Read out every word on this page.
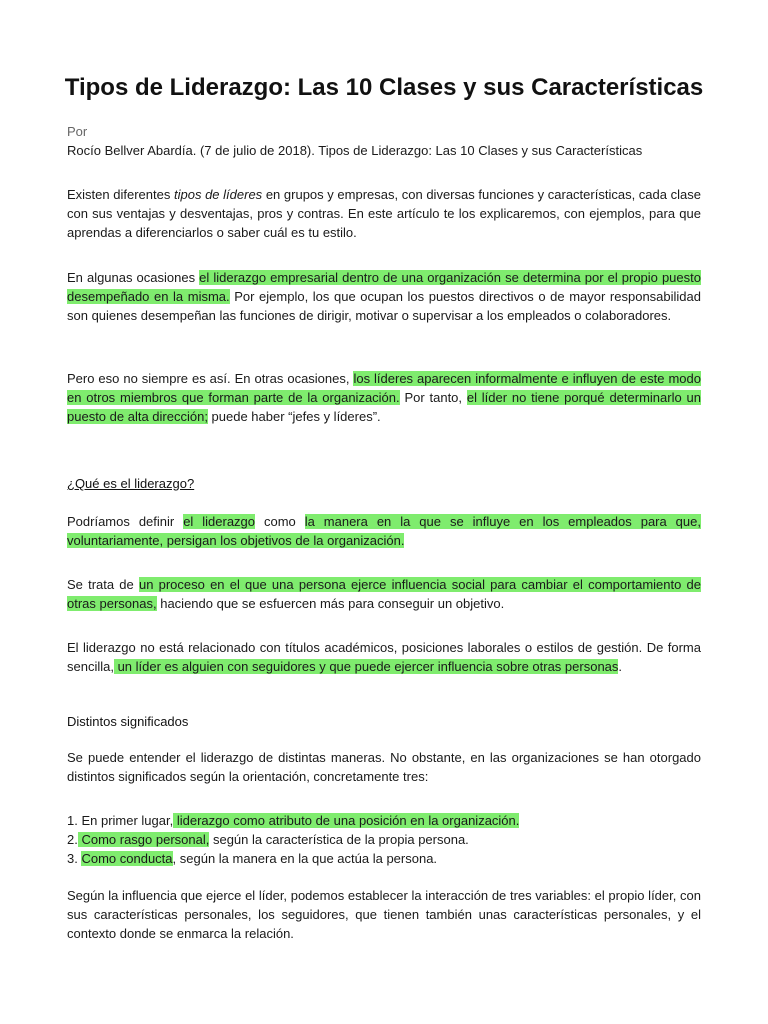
Tipos de Liderazgo: Las 10 Clases y sus Características
Por
Rocío Bellver Abardía. (7 de julio de 2018). Tipos de Liderazgo: Las 10 Clases y sus Características
Existen diferentes tipos de líderes en grupos y empresas, con diversas funciones y características, cada clase con sus ventajas y desventajas, pros y contras. En este artículo te los explicaremos, con ejemplos, para que aprendas a diferenciarlos o saber cuál es tu estilo.
En algunas ocasiones el liderazgo empresarial dentro de una organización se determina por el propio puesto desempeñado en la misma. Por ejemplo, los que ocupan los puestos directivos o de mayor responsabilidad son quienes desempeñan las funciones de dirigir, motivar o supervisar a los empleados o colaboradores.
Pero eso no siempre es así. En otras ocasiones, los líderes aparecen informalmente e influyen de este modo en otros miembros que forman parte de la organización. Por tanto, el líder no tiene porqué determinarlo un puesto de alta dirección; puede haber “jefes y líderes”.
¿Qué es el liderazgo?
Podríamos definir el liderazgo como la manera en la que se influye en los empleados para que, voluntariamente, persigan los objetivos de la organización.
Se trata de un proceso en el que una persona ejerce influencia social para cambiar el comportamiento de otras personas, haciendo que se esfuercen más para conseguir un objetivo.
El liderazgo no está relacionado con títulos académicos, posiciones laborales o estilos de gestión. De forma sencilla, un líder es alguien con seguidores y que puede ejercer influencia sobre otras personas.
Distintos significados
Se puede entender el liderazgo de distintas maneras. No obstante, en las organizaciones se han otorgado distintos significados según la orientación, concretamente tres:
1. En primer lugar, liderazgo como atributo de una posición en la organización.
2. Como rasgo personal, según la característica de la propia persona.
3. Como conducta, según la manera en la que actúa la persona.
Según la influencia que ejerce el líder, podemos establecer la interacción de tres variables: el propio líder, con sus características personales, los seguidores, que tienen también unas características personales, y el contexto donde se enmarca la relación.
